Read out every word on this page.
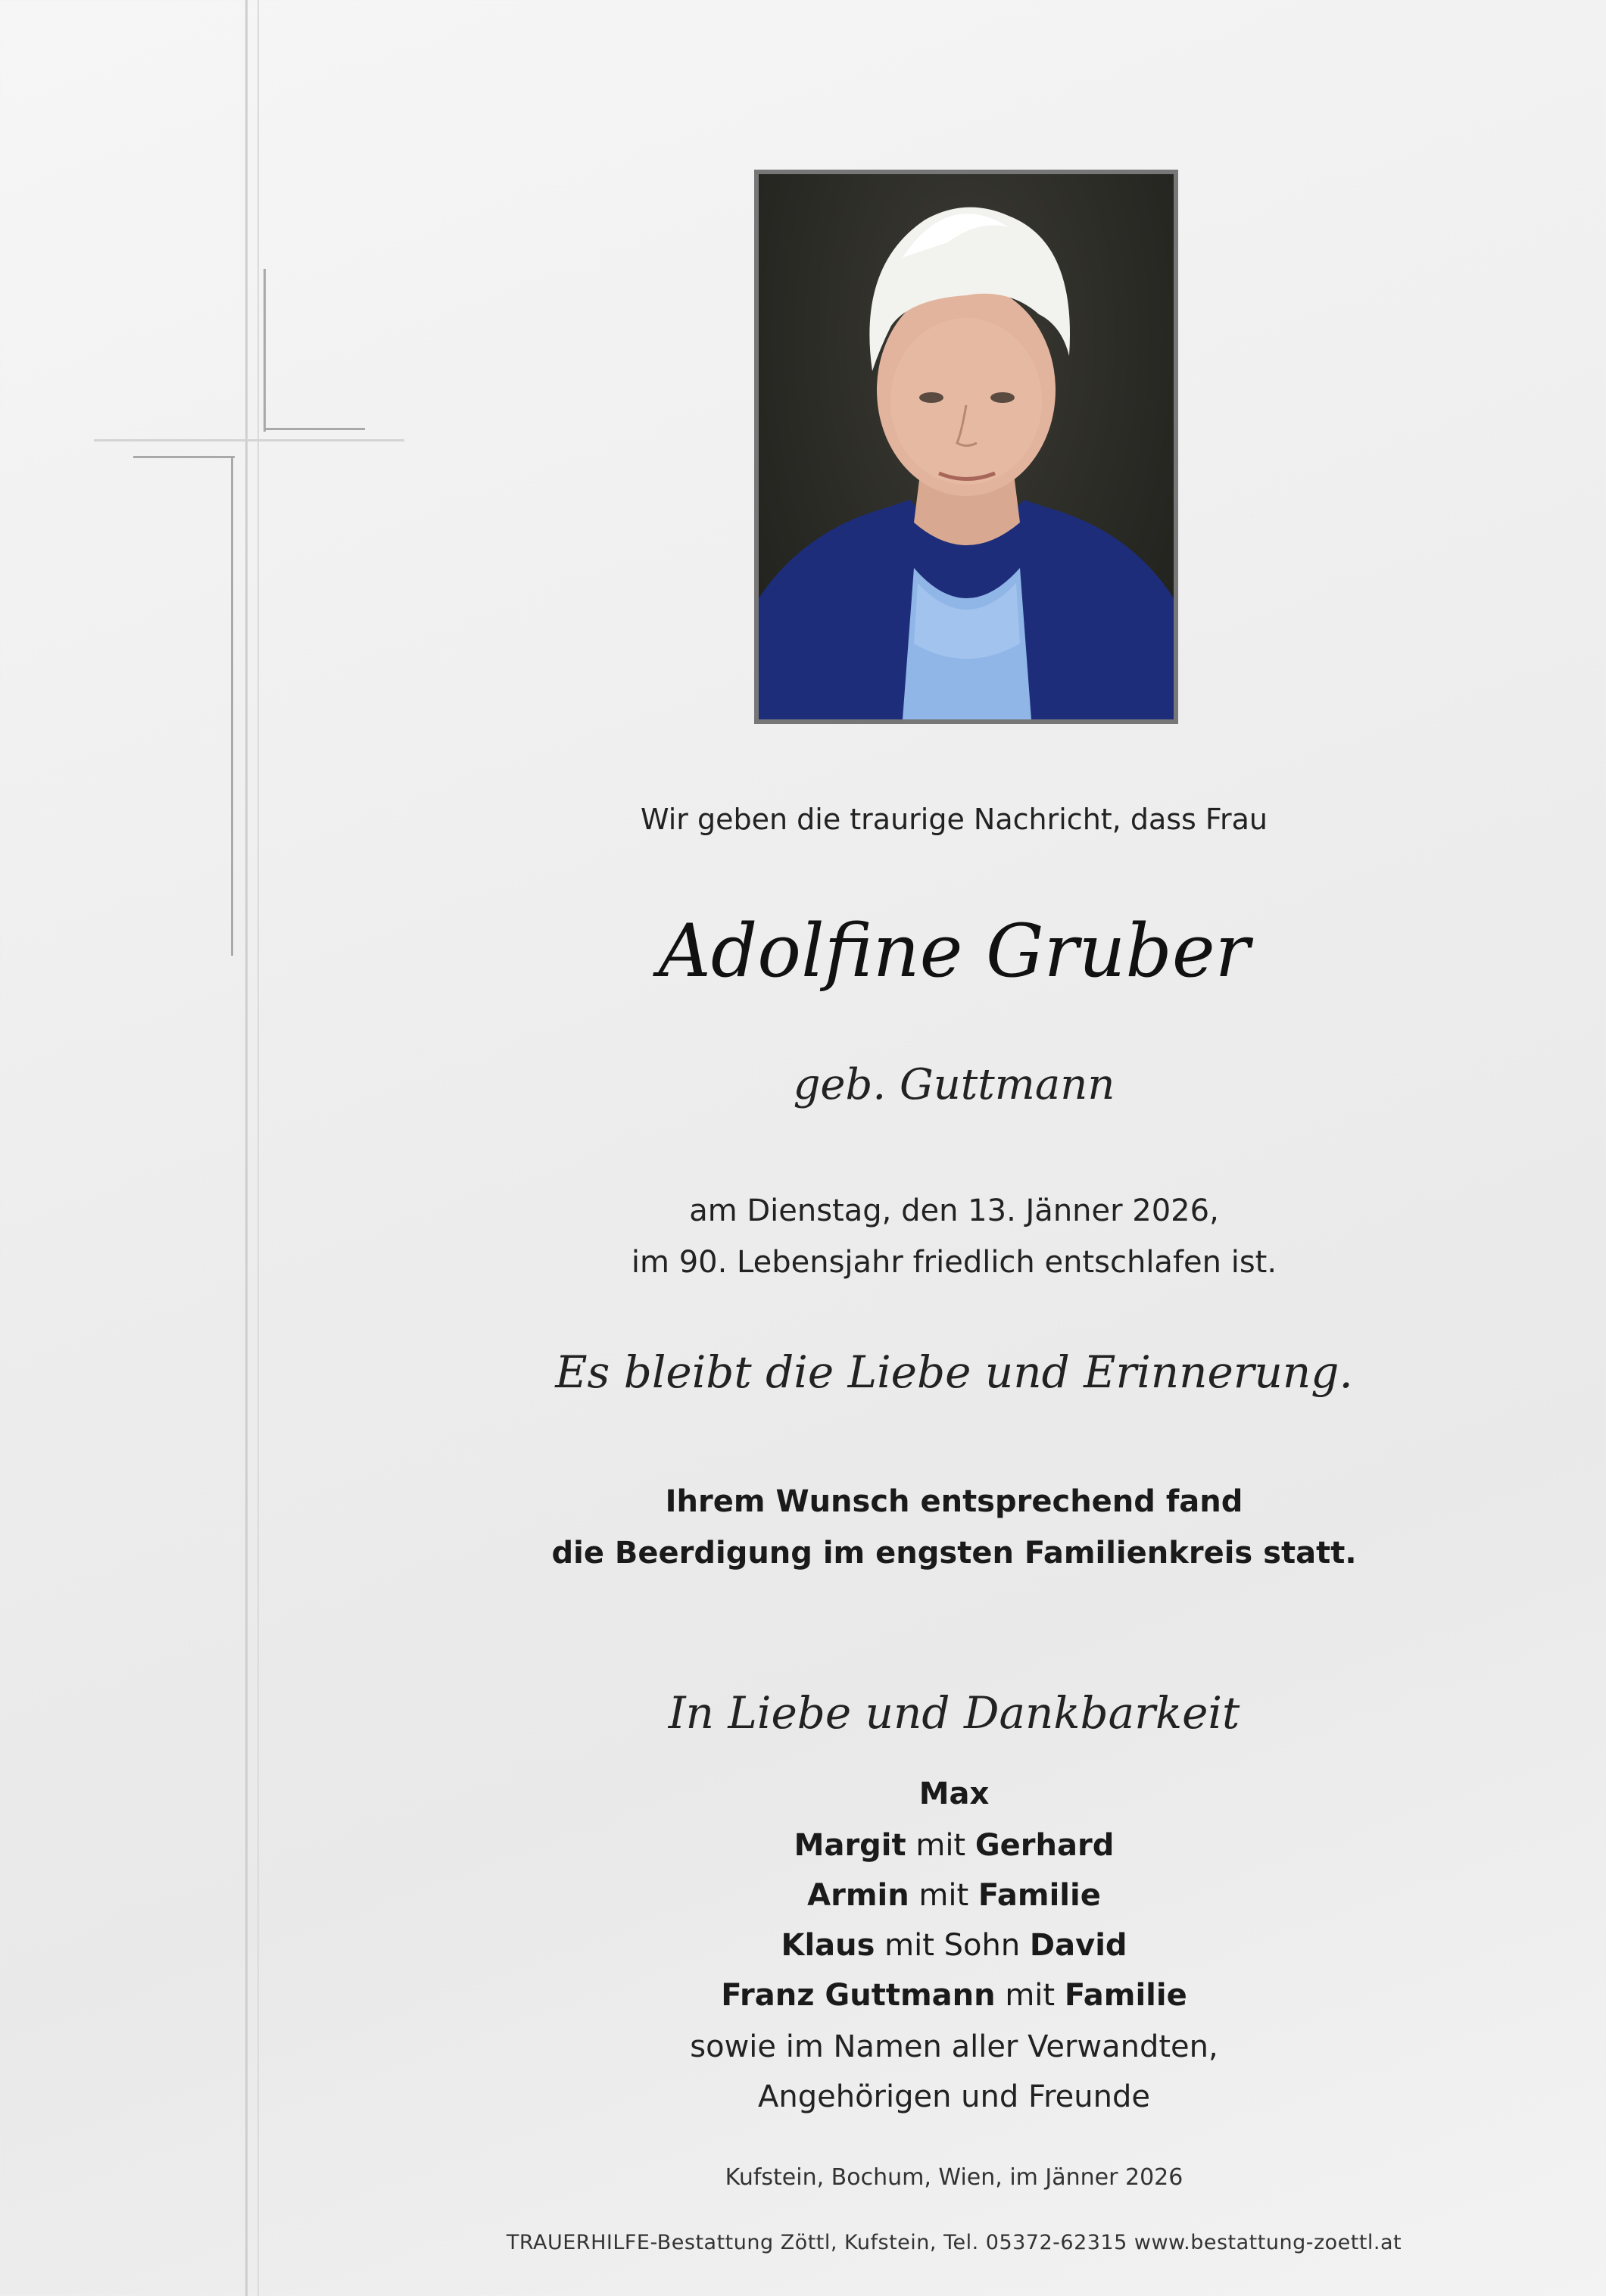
Wir geben die traurige Nachricht, dass Frau
Adolfine Gruber
geb. Guttmann
am Dienstag, den 13. Jänner 2026,
im 90. Lebensjahr friedlich entschlafen ist.
Es bleibt die Liebe und Erinnerung.
Ihrem Wunsch entsprechend fand
die Beerdigung im engsten Familienkreis statt.
In Liebe und Dankbarkeit
Max
Margit mit Gerhard
Armin mit Familie
Klaus mit Sohn David
Franz Guttmann mit Familie
sowie im Namen aller Verwandten,
Angehörigen und Freunde
Kufstein, Bochum, Wien, im Jänner 2026
TRAUERHILFE-Bestattung Zöttl, Kufstein, Tel. 05372-62315 www.bestattung-zoettl.at
